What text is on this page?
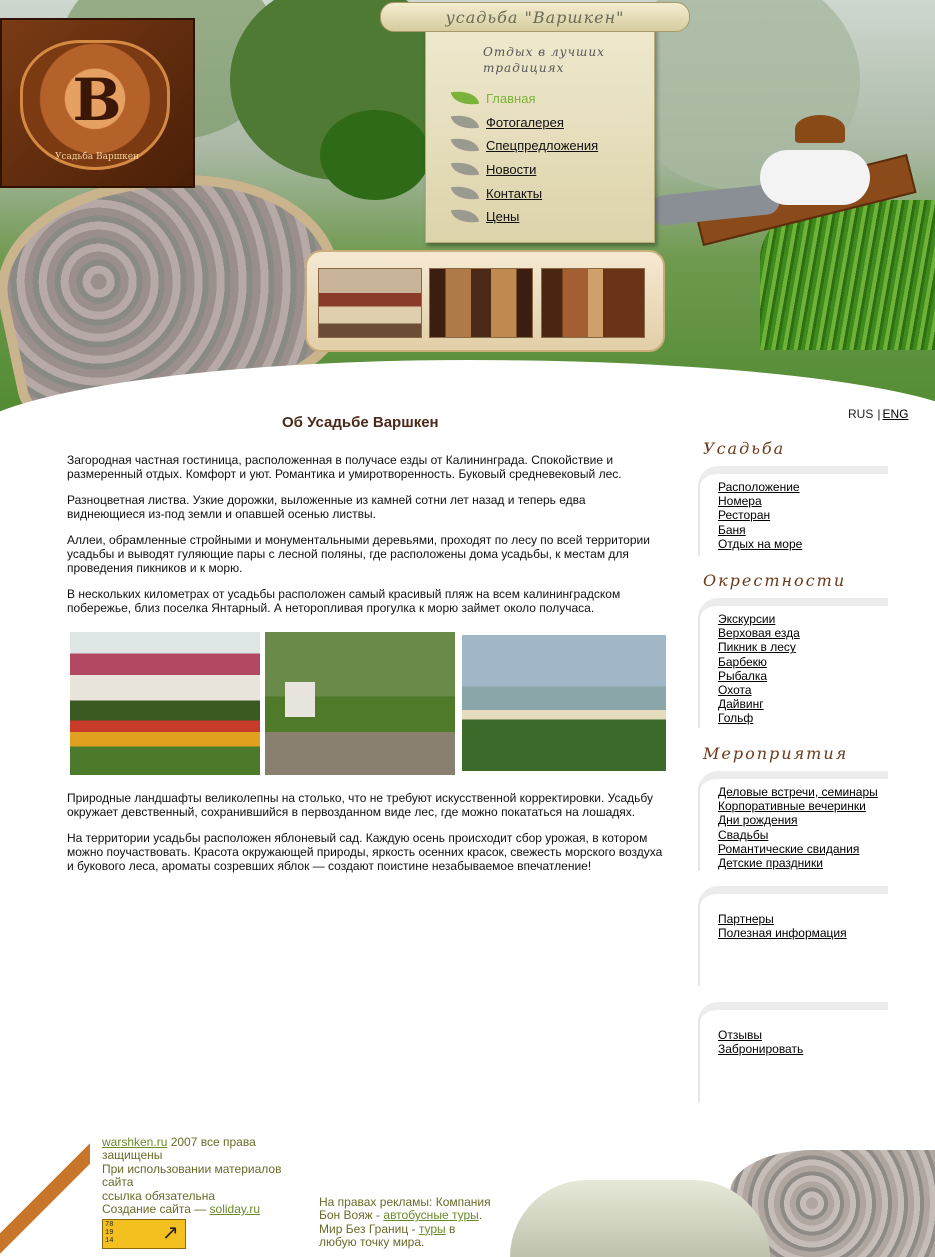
В
Усадьба Варшкен
усадьба "Варшкен"
Отдых в лучших традициях
Главная
Фотогалерея
Спецпредложения
Новости
Контакты
Цены
RUS | ENG
Об Усадьбе Варшкен

Загородная частная гостиница, расположенная в получасе езды от Калининграда. Спокойствие и размеренный отдых. Комфорт и уют. Романтика и умиротворенность. Буковый средневековый лес.

Разноцветная листва. Узкие дорожки, выложенные из камней сотни лет назад и теперь едва виднеющиеся из-под земли и опавшей осенью листвы.

Аллеи, обрамленные стройными и монументальными деревьями, проходят по лесу по всей территории усадьбы и выводят гуляющие пары с лесной поляны, где расположены дома усадьбы, к местам для проведения пикников и к морю.

В нескольких километрах от усадьбы расположен самый красивый пляж на всем калининградском побережье, близ поселка Янтарный. А неторопливая прогулка к морю займет около получаса.

Природные ландшафты великолепны на столько, что не требуют искусственной корректировки. Усадьбу окружает девственный, сохранившийся в первозданном виде лес, где можно покататься на лошадях.

На территории усадьбы расположен яблоневый сад. Каждую осень происходит сбор урожая, в котором можно поучаствовать. Красота окружающей природы, яркость осенних красок, свежесть морского воздуха и букового леса, ароматы созревших яблок — создают поистине незабываемое впечатление!

Усадьба
Расположение
Номера
Ресторан
Баня
Отдых на море
Окрестности
Экскурсии
Верховая езда
Пикник в лесу
Барбекю
Рыбалка
Охота
Дайвинг
Гольф
Мероприятия
Деловые встречи, семинары
Корпоративные вечеринки
Дни рождения
Свадьбы
Романтические свидания
Детские праздники
Партнеры
Полезная информация
Отзывы
Забронировать
warshken.ru 2007 все права защищены
При использовании материалов сайта
ссылка обязательна
Создание сайта — soliday.ru
78
19
14 ↗
На правах рекламы: Компания Бон Вояж - автобусные туры. Мир Без Границ - туры в любую точку мира.
